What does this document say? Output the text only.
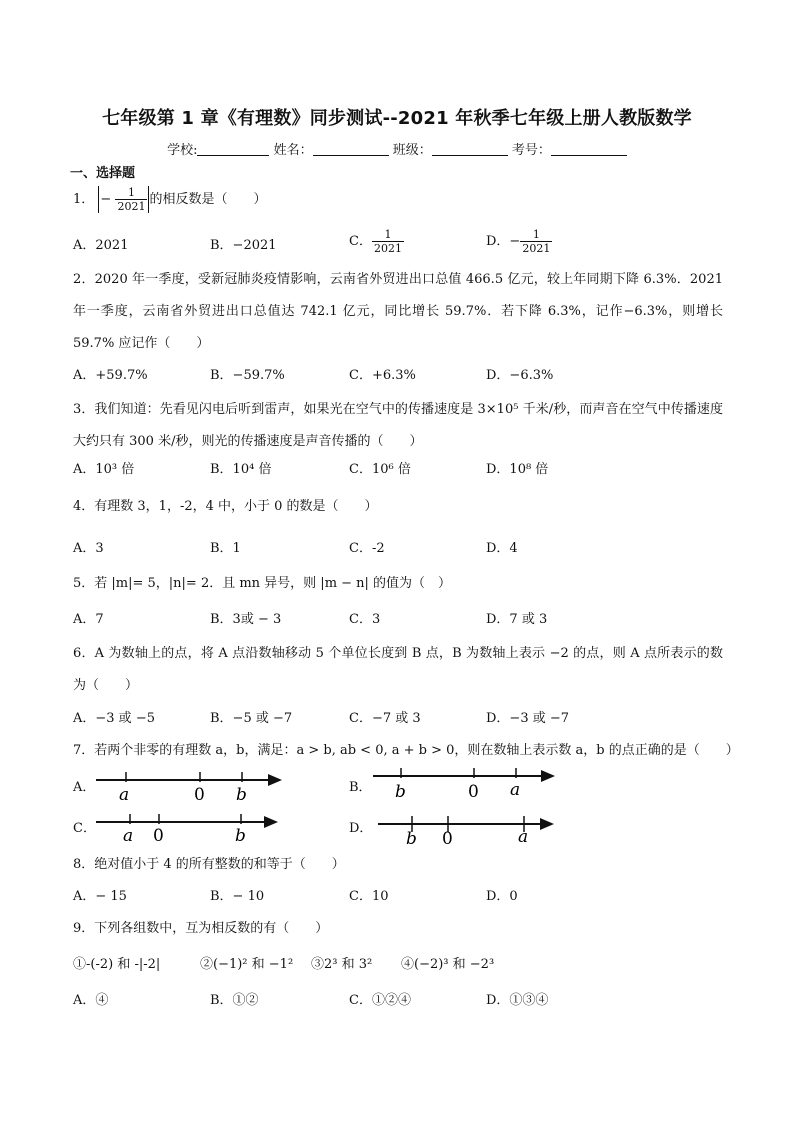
七年级第 1 章《有理数》同步测试--2021 年秋季七年级上册人教版数学
学校:	姓名：	班级：	考号：
一、选择题
1． − $\frac{1}{2021}$ 的相反数是（　　）
A．2021	B．−2021	C． $\frac{1}{2021}$	D．− $\frac{1}{2021}$
2．2020 年一季度，受新冠肺炎疫情影响，云南省外贸进出口总值 466.5 亿元，较上年同期下降 6.3%．2021 年一季度，云南省外贸进出口总值达 742.1 亿元，同比增长 59.7%．若下降 6.3%，记作−6.3%，则增长 59.7% 应记作（　　）
A．+59.7%	B．−59.7%	C．+6.3%	D．−6.3%
3．我们知道：先看见闪电后听到雷声，如果光在空气中的传播速度是 3×10⁵ 千米/秒，而声音在空气中传播速度大约只有 300 米/秒，则光的传播速度是声音传播的（　　）
A．10³ 倍	B．10⁴ 倍	C．10⁶ 倍	D．10⁸ 倍
4．有理数 3，1，-2，4 中，小于 0 的数是（　　）
A．3	B．1	C．-2	D．4
5．若 |m|= 5，|n|= 2．且 mn 异号，则 |m − n| 的值为（　）
A．7	B．3或 − 3	C．3	D．7 或 3
6．A 为数轴上的点，将 A 点沿数轴移动 5 个单位长度到 B 点，B 为数轴上表示 −2 的点，则 A 点所表示的数为（　　）
A．−3 或 −5	B．−5 或 −7	C．−7 或 3	D．−3 或 −7
7．若两个非零的有理数 a，b，满足：a > b, ab < 0, a + b > 0，则在数轴上表示数 a，b 的点正确的是（　　）
A． a	0 b	B． b	0 a
C． a 0	b	D．
b 0	a
8．绝对值小于 4 的所有整数的和等于（　　）
A．− 15	B．− 10	C．10	D．0
9．下列各组数中，互为相反数的有（　　）
①-(-2) 和 -|-2|	②(−1)² 和 −1² ③2³ 和 3² ④(−2)³ 和 −2³
A．④	B．①②	C．①②④	D．①③④
